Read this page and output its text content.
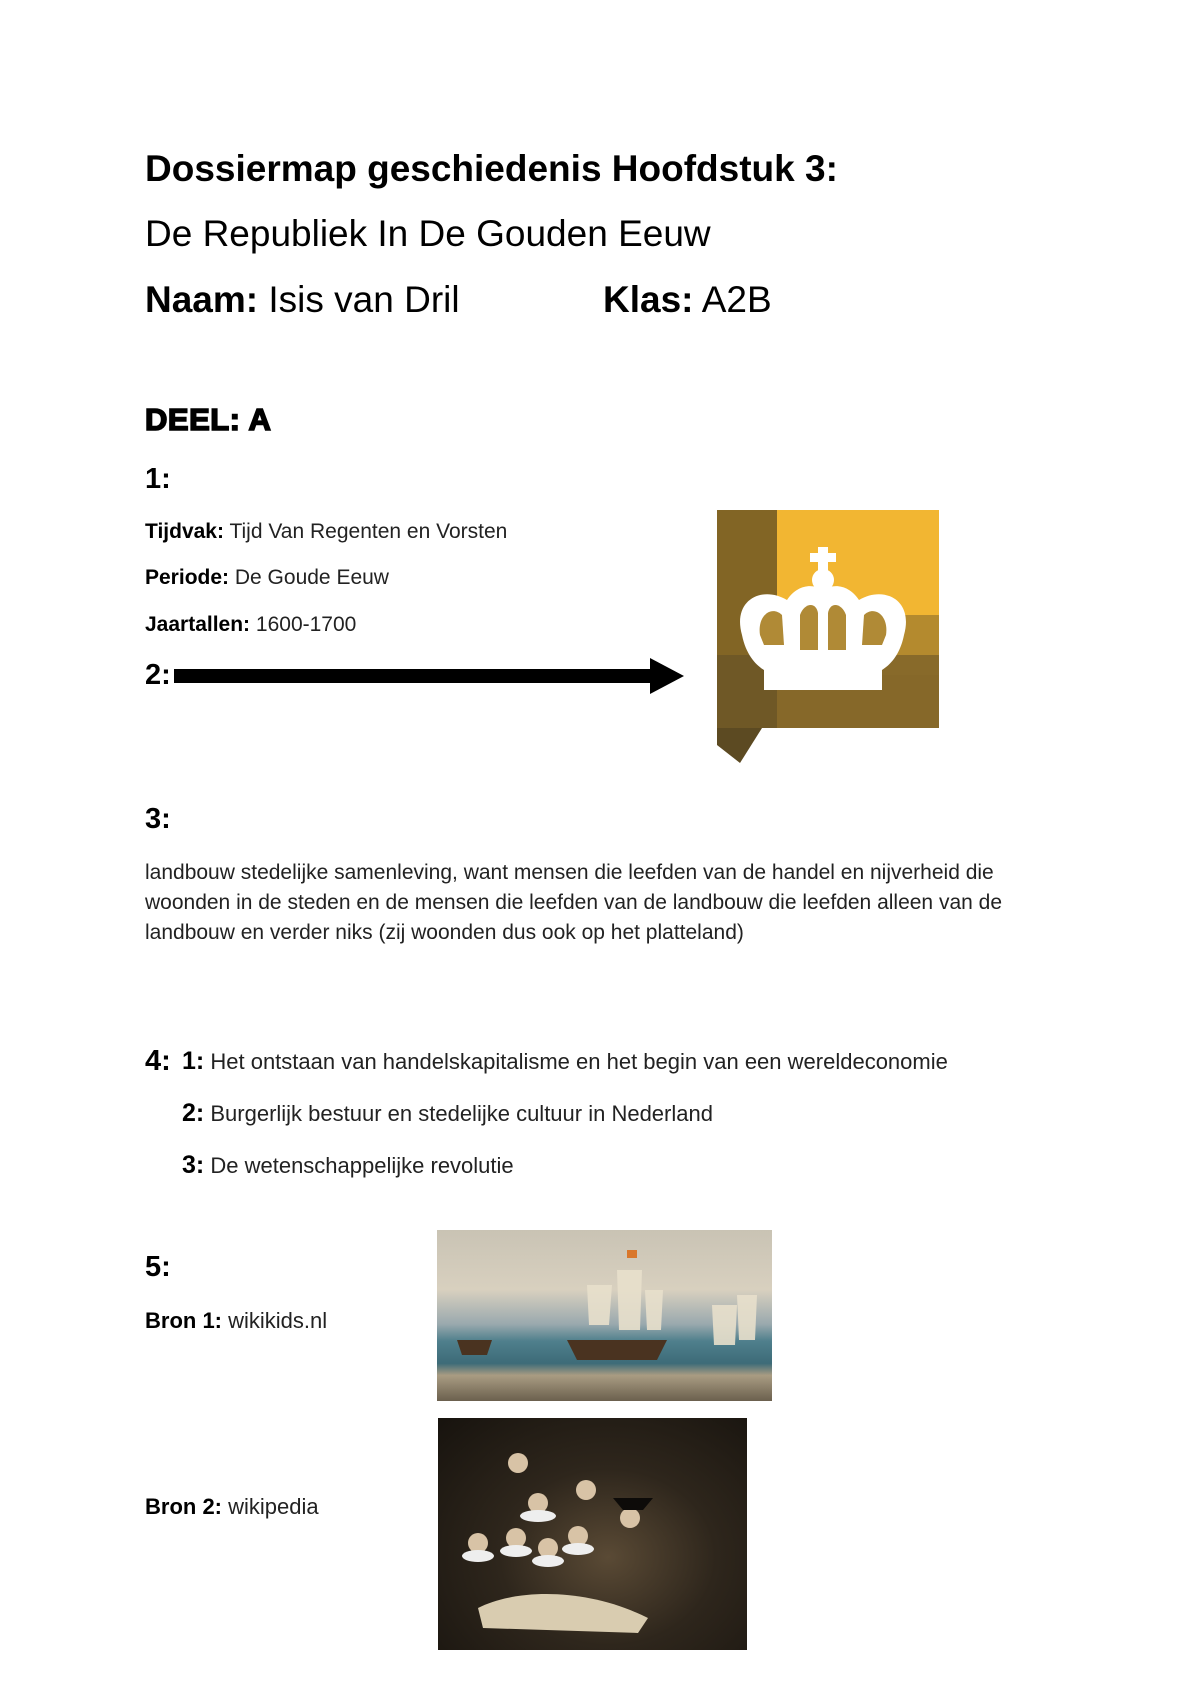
Dossiermap geschiedenis Hoofdstuk 3:
De Republiek In De Gouden Eeuw
Naam: Isis van Dril	Klas: A2B
DEEL: A
1:
Tijdvak: Tijd Van Regenten en Vorsten
Periode: De Goude Eeuw
Jaartallen: 1600-1700
2:
3:
landbouw stedelijke samenleving, want mensen die leefden van de handel en nijverheid die woonden in de steden en de mensen die leefden van de landbouw die leefden alleen van de landbouw en verder niks (zij woonden dus ook op het platteland)
4: 1: Het ontstaan van handelskapitalisme en het begin van een wereldeconomie
2: Burgerlijk bestuur en stedelijke cultuur in Nederland
3: De wetenschappelijke revolutie
5:
Bron 1: wikikids.nl
Bron 2: wikipedia
